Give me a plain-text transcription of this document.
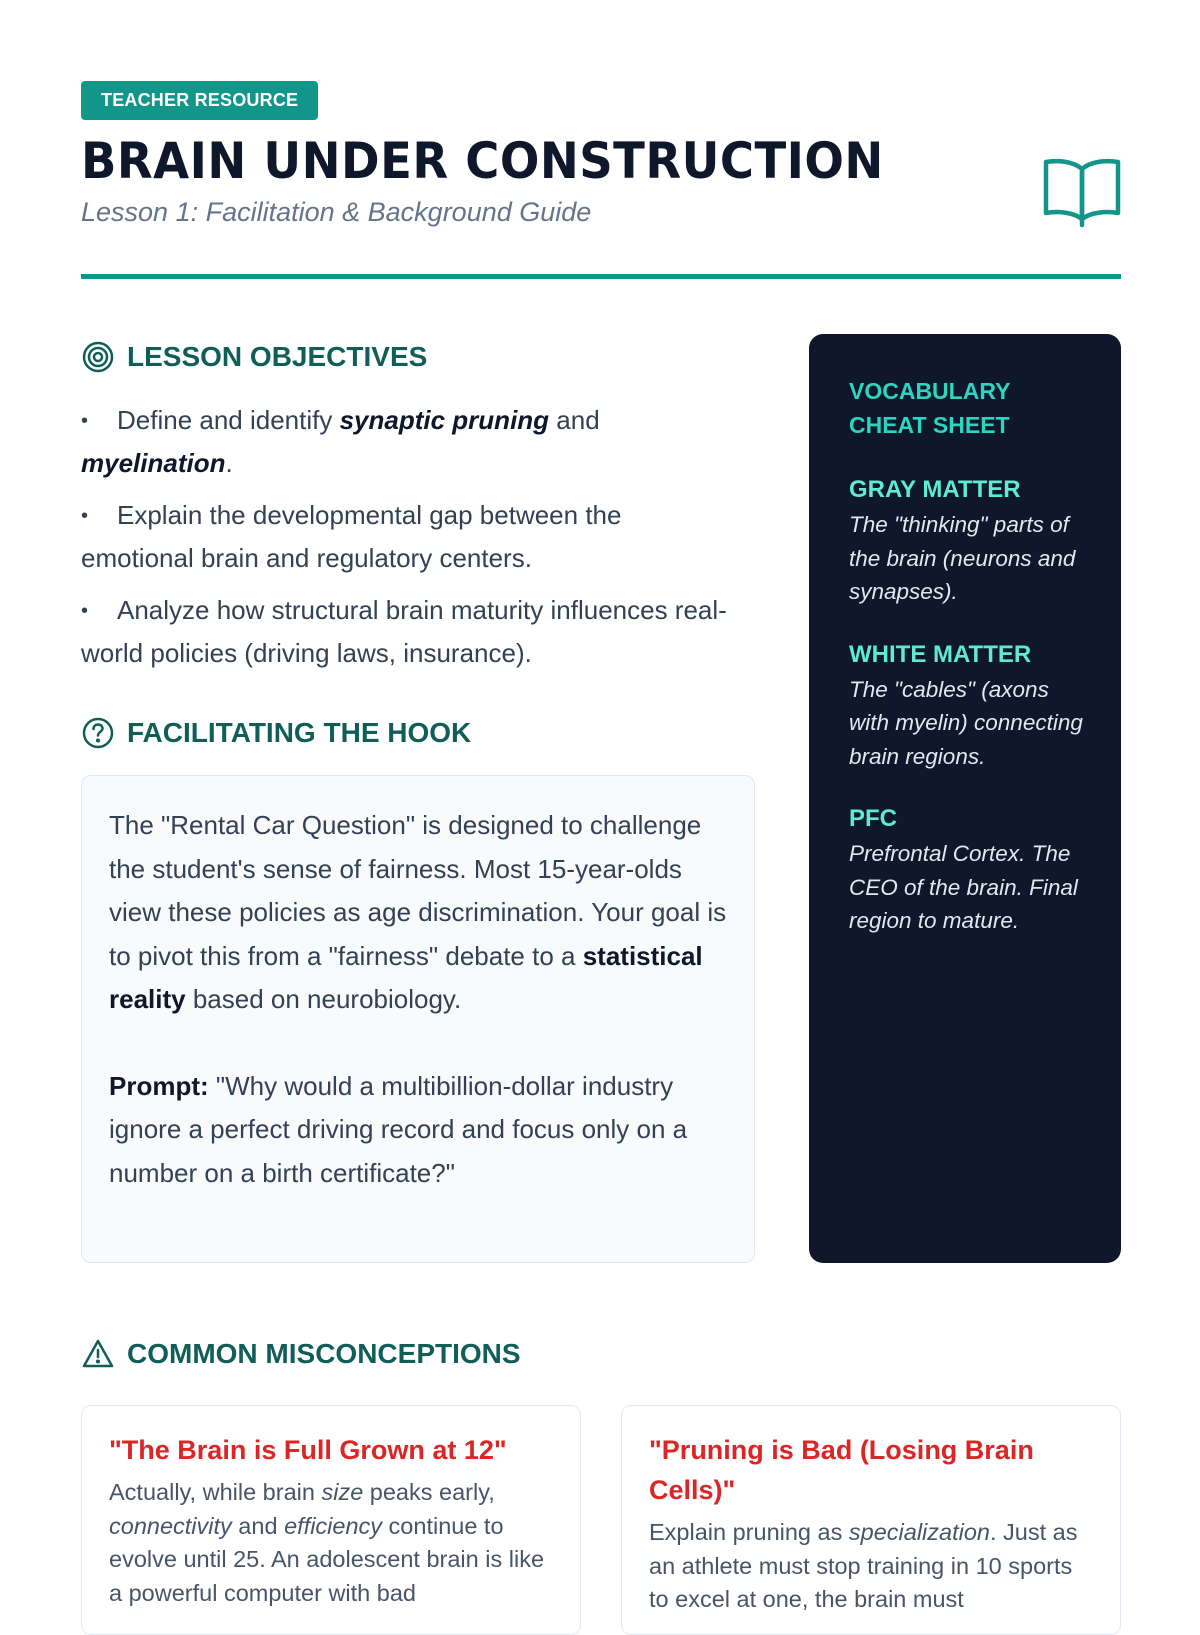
TEACHER RESOURCE
BRAIN UNDER CONSTRUCTION
Lesson 1: Facilitation & Background Guide
LESSON OBJECTIVES
•Define and identify synaptic pruning and myelination.
•Explain the developmental gap between the emotional brain and regulatory centers.
•Analyze how structural brain maturity influences real-world policies (driving laws, insurance).
FACILITATING THE HOOK

The "Rental Car Question" is designed to challenge the student's sense of fairness. Most 15-year-olds view these policies as age discrimination. Your goal is to pivot this from a "fairness" debate to a statistical reality based on neurobiology.

Prompt: "Why would a multibillion-dollar industry ignore a perfect driving record and focus only on a number on a birth certificate?"

VOCABULARY CHEAT SHEET

GRAY MATTER

The "thinking" parts of the brain (neurons and synapses).

WHITE MATTER

The "cables" (axons with myelin) connecting brain regions.

PFC

Prefrontal Cortex. The CEO of the brain. Final region to mature.

COMMON MISCONCEPTIONS
"The Brain is Full Grown at 12"

Actually, while brain size peaks early, connectivity and efficiency continue to evolve until 25. An adolescent brain is like a powerful computer with bad

"Pruning is Bad (Losing Brain Cells)"

Explain pruning as specialization. Just as an athlete must stop training in 10 sports to excel at one, the brain must
